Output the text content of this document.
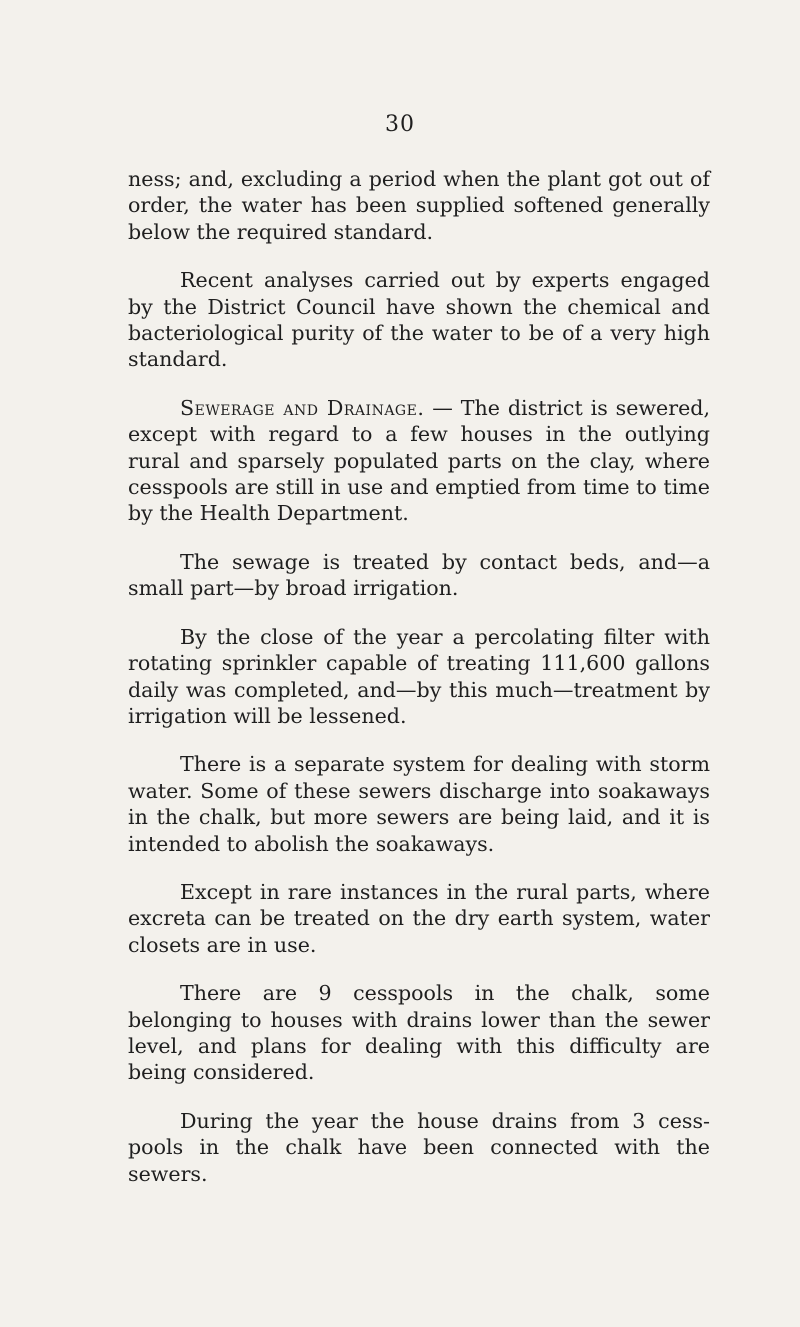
30

ness; and, excluding a period when the plant got out of order, the water has been supplied softened generally below the required standard.

Recent analyses carried out by experts engaged by the District Council have shown the chemical and bacteriological purity of the water to be of a very high standard.

Sewerage and Drainage. — The district is sewered, except with regard to a few houses in the outlying rural and sparsely populated parts on the clay, where cesspools are still in use and emptied from time to time by the Health Department.

The sewage is treated by contact beds, and—a small part—by broad irrigation.

By the close of the year a percolating filter with rotating sprinkler capable of treating 111,600 gallons daily was completed, and—by this much—treatment by irrigation will be lessened.

There is a separate system for dealing with storm water. Some of these sewers discharge into soakaways in the chalk, but more sewers are being laid, and it is intended to abolish the soakaways.

Except in rare instances in the rural parts, where excreta can be treated on the dry earth system, water closets are in use.

There are 9 cesspools in the chalk, some belonging to houses with drains lower than the sewer level, and plans for dealing with this difficulty are being considered.

During the year the house drains from 3 cess-pools in the chalk have been connected with the sewers.
